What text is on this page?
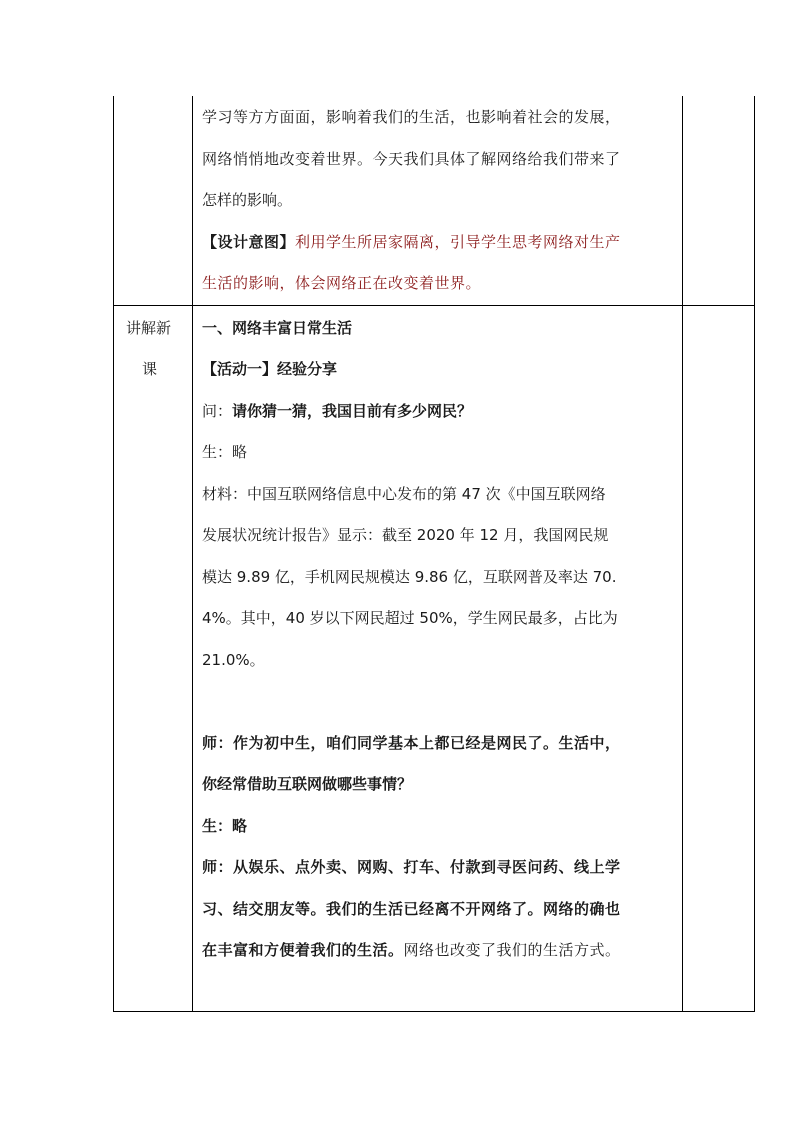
学习等方方面面，影响着我们的生活，也影响着社会的发展，
网络悄悄地改变着世界。今天我们具体了解网络给我们带来了
怎样的影响。
【设计意图】利用学生所居家隔离，引导学生思考网络对生产
生活的影响，体会网络正在改变着世界。
讲解新
课
一、网络丰富日常生活
【活动一】经验分享
问：请你猜一猜，我国目前有多少网民？
生：略
材料：中国互联网络信息中心发布的第 47 次《中国互联网络
发展状况统计报告》显示：截至 2020 年 12 月，我国网民规
模达 9.89 亿，手机网民规模达 9.86 亿，互联网普及率达 70.
4%。其中，40 岁以下网民超过 50%，学生网民最多，占比为
21.0%。
师：作为初中生，咱们同学基本上都已经是网民了。生活中，
你经常借助互联网做哪些事情？
生：略
师：从娱乐、点外卖、网购、打车、付款到寻医问药、线上学
习、结交朋友等。我们的生活已经离不开网络了。网络的确也
在丰富和方便着我们的生活。网络也改变了我们的生活方式。
